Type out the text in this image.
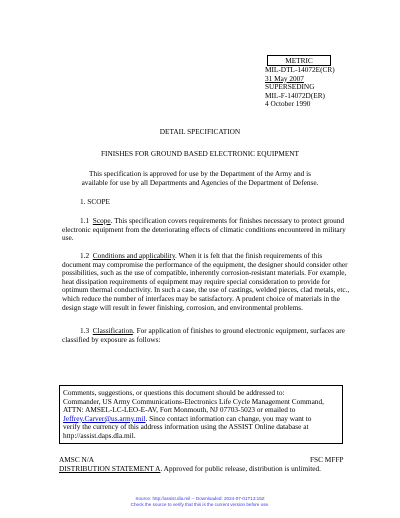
METRIC
MIL-DTL-14072E(CR)
31 May 2007
SUPERSEDING
MIL-F-14072D(ER)
4 October 1990
DETAIL SPECIFICATION
FINISHES FOR GROUND BASED ELECTRONIC EQUIPMENT
This specification is approved for use by the Department of the Army and is
available for use by all Departments and Agencies of the Department of Defense.
1. SCOPE
1.1 Scope. This specification covers requirements for finishes necessary to protect ground electronic equipment from the deteriorating effects of climatic conditions encountered in military use.
1.2 Conditions and applicability. When it is felt that the finish requirements of this document may compromise the performance of the equipment, the designer should consider other possibilities, such as the use of compatible, inherently corrosion-resistant materials. For example, heat dissipation requirements of equipment may require special consideration to provide for optimum thermal conductivity. In such a case, the use of castings, welded pieces, clad metals, etc., which reduce the number of interfaces may be satisfactory. A prudent choice of materials in the design stage will result in fewer finishing, corrosion, and environmental problems.
1.3 Classification. For application of finishes to ground electronic equipment, surfaces are classified by exposure as follows:
Comments, suggestions, or questions this document should be addressed to:
Commander, US Army Communications-Electronics Life Cycle Management Command,
ATTN: AMSEL-LC-LEO-E-AV, Fort Monmouth, NJ 07703-5023 or emailed to
Jeffrey.Carver@us.army.mil. Since contact information can change, you may want to
verify the currency of this address information using the ASSIST Online database at
http://assist.daps.dla.mil.
AMSC N/A	FSC MFFP
DISTRIBUTION STATEMENT A. Approved for public release, distribution is unlimited.
Source: http://assist.dla.mil -- Downloaded: 2024-07-01T13:15Z
Check the source to verify that this is the current version before use.
